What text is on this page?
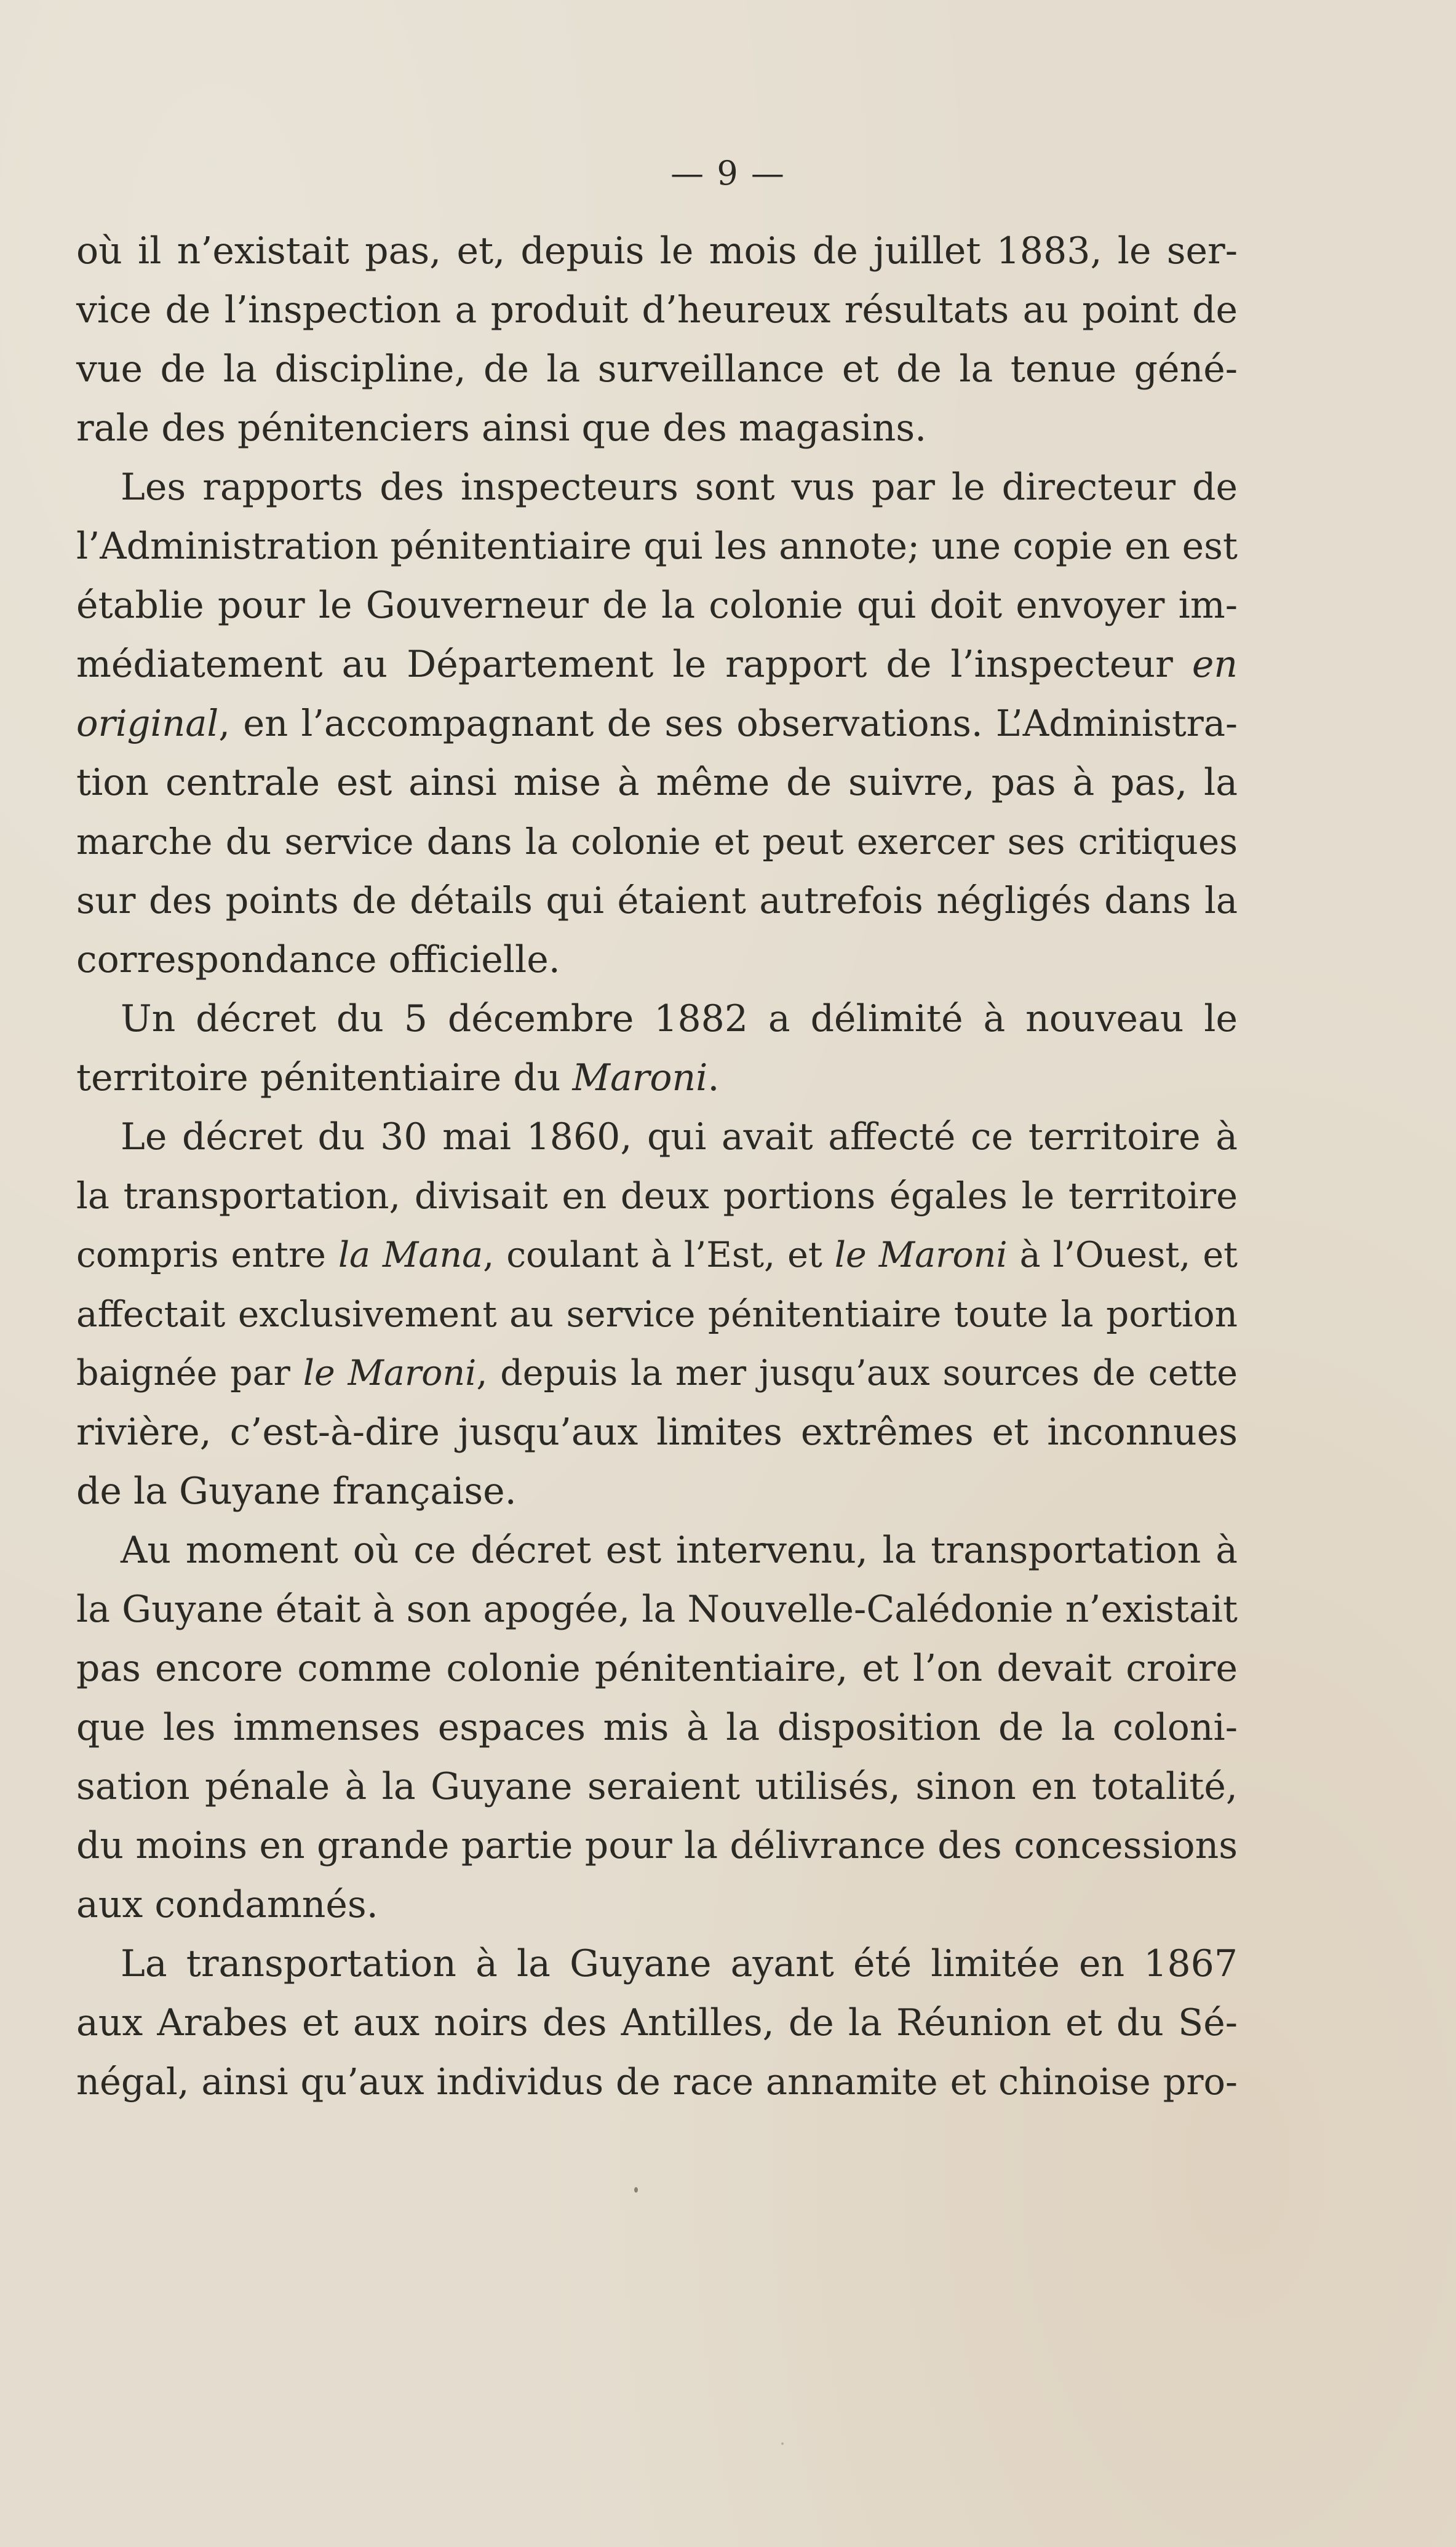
— 9 —
où il n’existait pas, et, depuis le mois de juillet 1883, le ser-
vice de l’inspection a produit d’heureux résultats au point de
vue de la discipline, de la surveillance et de la tenue géné-
rale des pénitenciers ainsi que des magasins.
Les rapports des inspecteurs sont vus par le directeur de
l’Administration pénitentiaire qui les annote; une copie en est
établie pour le Gouverneur de la colonie qui doit envoyer im-
médiatement au Département le rapport de l’inspecteur en
original, en l’accompagnant de ses observations. L’Administra-
tion centrale est ainsi mise à même de suivre, pas à pas, la
marche du service dans la colonie et peut exercer ses critiques
sur des points de détails qui étaient autrefois négligés dans la
correspondance officielle.
Un décret du 5 décembre 1882 a délimité à nouveau le
territoire pénitentiaire du Maroni.
Le décret du 30 mai 1860, qui avait affecté ce territoire à
la transportation, divisait en deux portions égales le territoire
compris entre la Mana, coulant à l’Est, et le Maroni à l’Ouest, et
affectait exclusivement au service pénitentiaire toute la portion
baignée par le Maroni, depuis la mer jusqu’aux sources de cette
rivière, c’est-à-dire jusqu’aux limites extrêmes et inconnues
de la Guyane française.
Au moment où ce décret est intervenu, la transportation à
la Guyane était à son apogée, la Nouvelle-Calédonie n’existait
pas encore comme colonie pénitentiaire, et l’on devait croire
que les immenses espaces mis à la disposition de la coloni-
sation pénale à la Guyane seraient utilisés, sinon en totalité,
du moins en grande partie pour la délivrance des concessions
aux condamnés.
La transportation à la Guyane ayant été limitée en 1867
aux Arabes et aux noirs des Antilles, de la Réunion et du Sé-
négal, ainsi qu’aux individus de race annamite et chinoise pro-
